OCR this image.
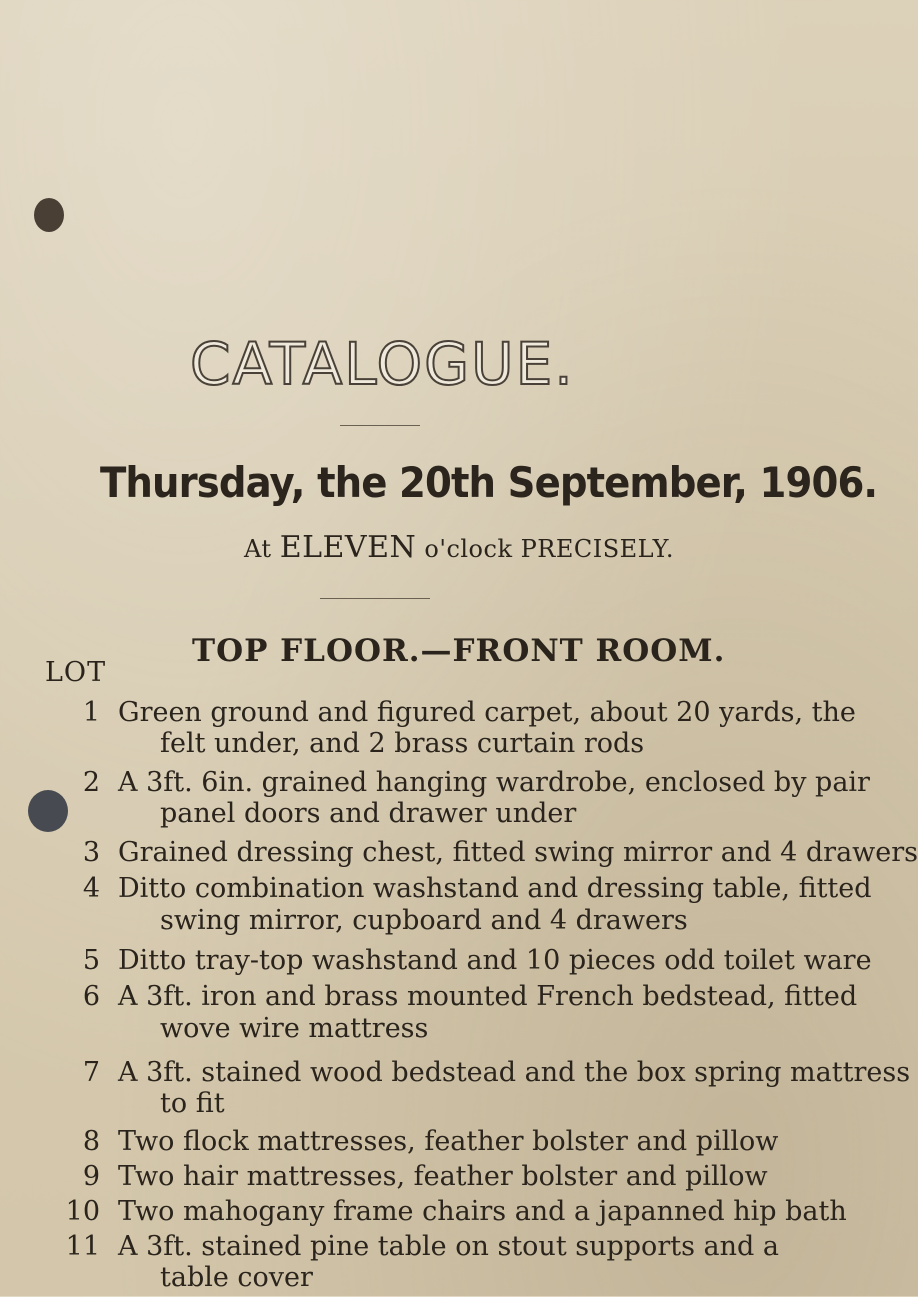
CATALOGUE.
Thursday, the 20th September, 1906.
At ELEVEN o'clock PRECISELY.
TOP FLOOR.—FRONT ROOM.
LOT
1 Green ground and figured carpet, about 20 yards, the
felt under, and 2 brass curtain rods
2 A 3ft. 6in. grained hanging wardrobe, enclosed by pair
panel doors and drawer under
3 Grained dressing chest, fitted swing mirror and 4 drawers
4 Ditto combination washstand and dressing table, fitted
swing mirror, cupboard and 4 drawers
5 Ditto tray-top washstand and 10 pieces odd toilet ware
6 A 3ft. iron and brass mounted French bedstead, fitted
wove wire mattress
7 A 3ft. stained wood bedstead and the box spring mattress
to fit
8 Two flock mattresses, feather bolster and pillow
9 Two hair mattresses, feather bolster and pillow
10 Two mahogany frame chairs and a japanned hip bath
11 A 3ft. stained pine table on stout supports and a
table cover
